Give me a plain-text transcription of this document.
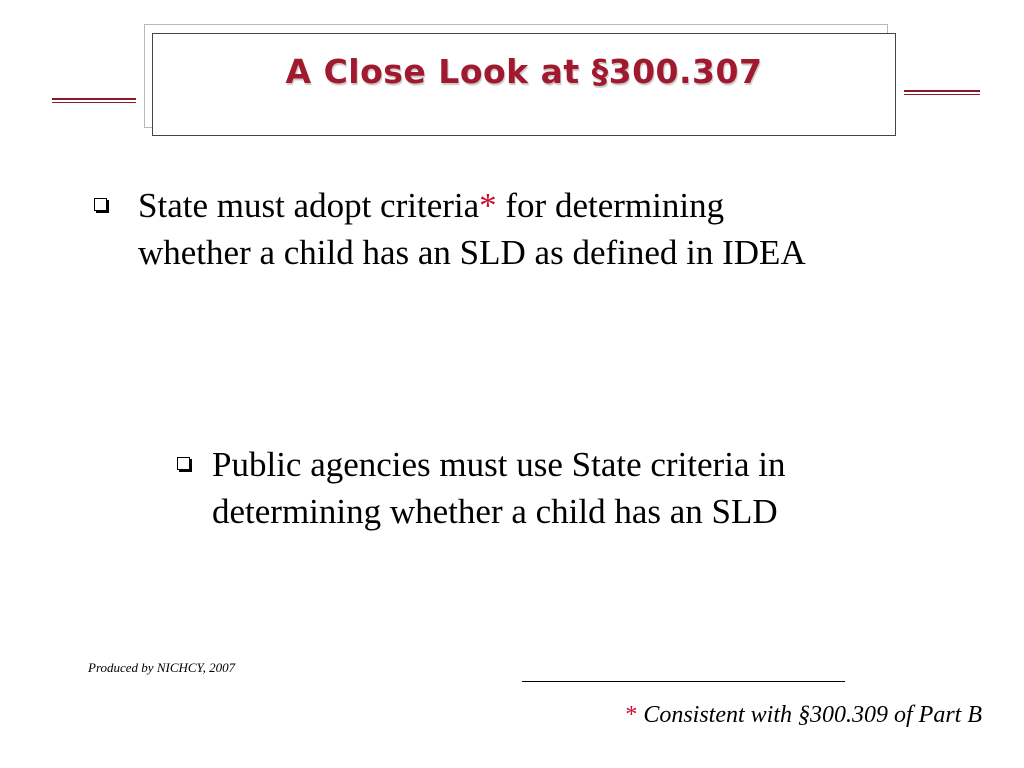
A Close Look at §300.307

State must adopt criteria* for determining whether a child has an SLD as defined in IDEA

Public agencies must use State criteria in determining whether a child has an SLD

Produced by NICHCY, 2007

* Consistent with §300.309 of Part B
